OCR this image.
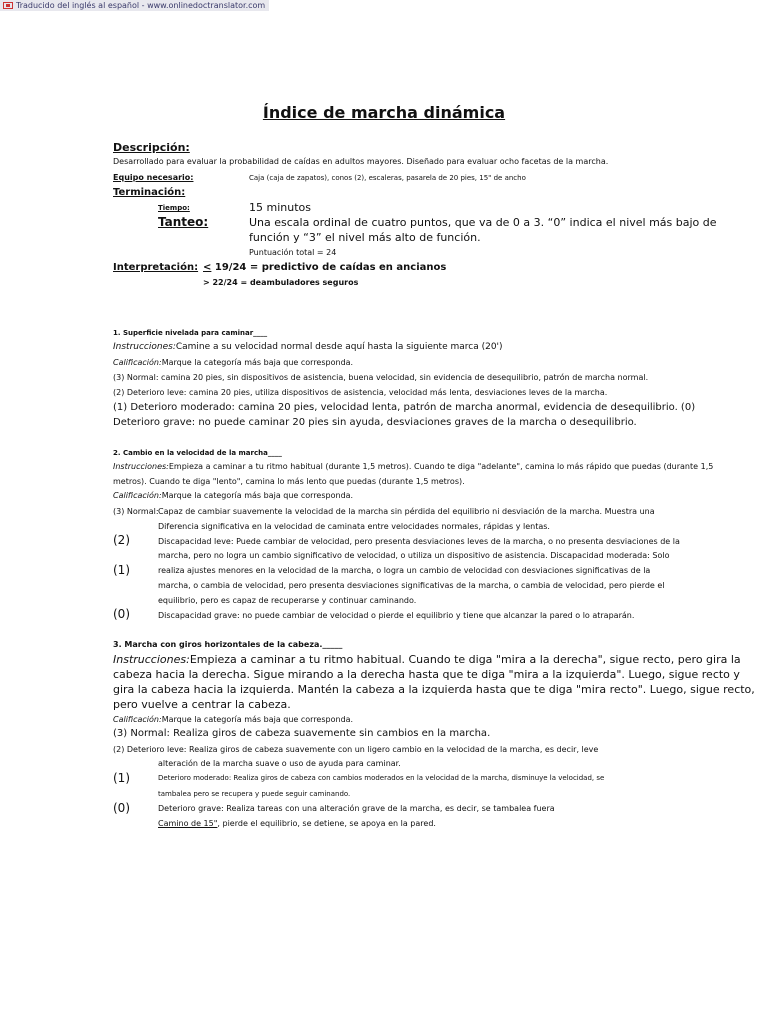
Traducido del inglés al español - www.onlinedoctranslator.com
Índice de marcha dinámica
Descripción:
Desarrollado para evaluar la probabilidad de caídas en adultos mayores. Diseñado para evaluar ocho facetas de la marcha.
Equipo necesario:	Caja (caja de zapatos), conos (2), escaleras, pasarela de 20 pies, 15" de ancho
Terminación:
Tiempo:	15 minutos
Tanteo:	Una escala ordinal de cuatro puntos, que va de 0 a 3. “0” indica el nivel más bajo de
función y “3” el nivel más alto de función.
Puntuación total = 24
Interpretación: < 19/24 = predictivo de caídas en ancianos
> 22/24 = deambuladores seguros
1. Superficie nivelada para caminar____
Instrucciones:Camine a su velocidad normal desde aquí hasta la siguiente marca (20')
Calificación:Marque la categoría más baja que corresponda.
(3) Normal: camina 20 pies, sin dispositivos de asistencia, buena velocidad, sin evidencia de desequilibrio, patrón de marcha normal.
(2) Deterioro leve: camina 20 pies, utiliza dispositivos de asistencia, velocidad más lenta, desviaciones leves de la marcha.
(1) Deterioro moderado: camina 20 pies, velocidad lenta, patrón de marcha anormal, evidencia de desequilibrio. (0)
Deterioro grave: no puede caminar 20 pies sin ayuda, desviaciones graves de la marcha o desequilibrio.
2. Cambio en la velocidad de la marcha____
Instrucciones:Empieza a caminar a tu ritmo habitual (durante 1,5 metros). Cuando te diga "adelante", camina lo más rápido que puedas (durante 1,5
metros). Cuando te diga "lento", camina lo más lento que puedas (durante 1,5 metros).
Calificación:Marque la categoría más baja que corresponda.
(3) Normal: Capaz de cambiar suavemente la velocidad de la marcha sin pérdida del equilibrio ni desviación de la marcha. Muestra una
Diferencia significativa en la velocidad de caminata entre velocidades normales, rápidas y lentas.
(2)	Discapacidad leve: Puede cambiar de velocidad, pero presenta desviaciones leves de la marcha, o no presenta desviaciones de la
marcha, pero no logra un cambio significativo de velocidad, o utiliza un dispositivo de asistencia. Discapacidad moderada: Solo
(1)	realiza ajustes menores en la velocidad de la marcha, o logra un cambio de velocidad con desviaciones significativas de la
marcha, o cambia de velocidad, pero presenta desviaciones significativas de la marcha, o cambia de velocidad, pero pierde el
equilibrio, pero es capaz de recuperarse y continuar caminando.
(0)	Discapacidad grave: no puede cambiar de velocidad o pierde el equilibrio y tiene que alcanzar la pared o lo atraparán.
3. Marcha con giros horizontales de la cabeza._____
Instrucciones:Empieza a caminar a tu ritmo habitual. Cuando te diga "mira a la derecha", sigue recto, pero gira la
cabeza hacia la derecha. Sigue mirando a la derecha hasta que te diga "mira a la izquierda". Luego, sigue recto y
gira la cabeza hacia la izquierda. Mantén la cabeza a la izquierda hasta que te diga "mira recto". Luego, sigue recto,
pero vuelve a centrar la cabeza.
Calificación:Marque la categoría más baja que corresponda.
(3) Normal: Realiza giros de cabeza suavemente sin cambios en la marcha.
(2) Deterioro leve: Realiza giros de cabeza suavemente con un ligero cambio en la velocidad de la marcha, es decir, leve
alteración de la marcha suave o uso de ayuda para caminar.
(1)	Deterioro moderado: Realiza giros de cabeza con cambios moderados en la velocidad de la marcha, disminuye la velocidad, se
tambalea pero se recupera y puede seguir caminando.
(0)	Deterioro grave: Realiza tareas con una alteración grave de la marcha, es decir, se tambalea fuera
Camino de 15", pierde el equilibrio, se detiene, se apoya en la pared.
